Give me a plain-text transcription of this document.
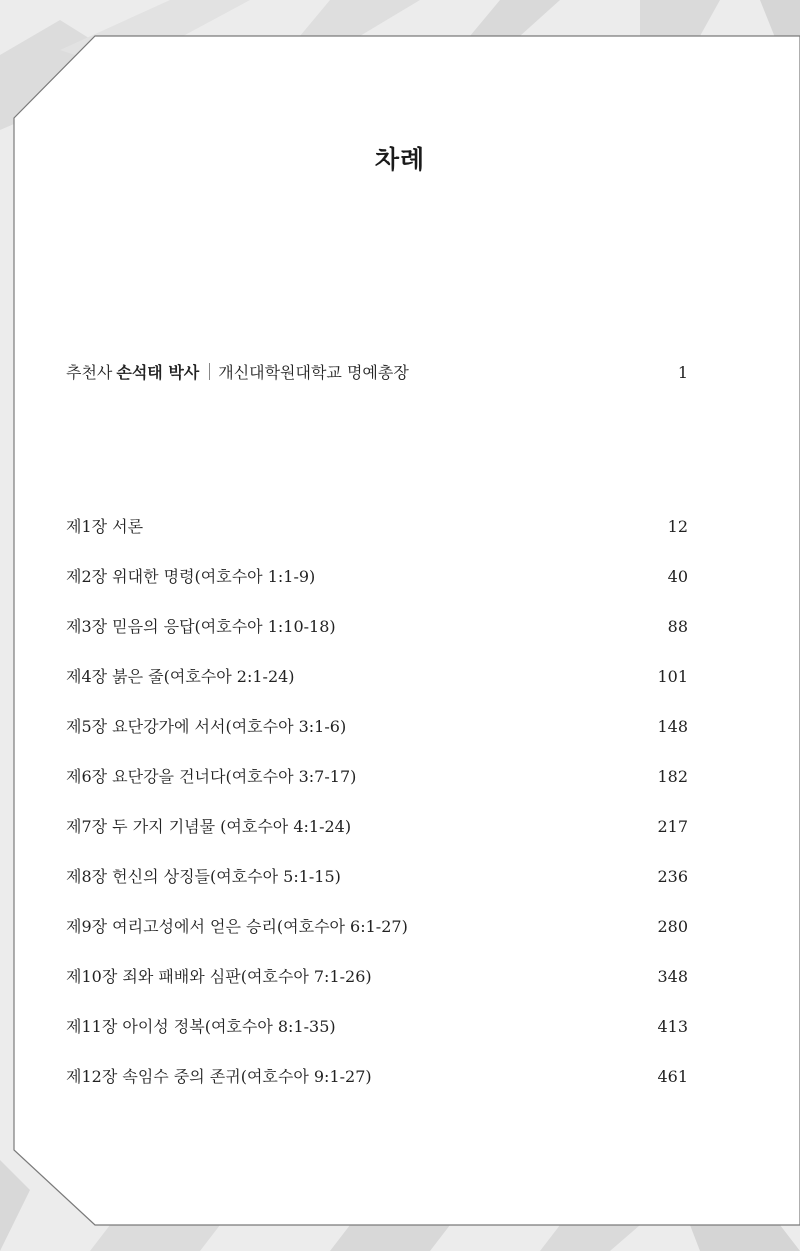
차례
추천사 손석태 박사 개신대학원대학교 명예총장	1
제1장 서론	12
제2장 위대한 명령(여호수아 1:1-9)	40
제3장 믿음의 응답(여호수아 1:10-18)	88
제4장 붉은 줄(여호수아 2:1-24)	101
제5장 요단강가에 서서(여호수아 3:1-6)	148
제6장 요단강을 건너다(여호수아 3:7-17)	182
제7장 두 가지 기념물 (여호수아 4:1-24)	217
제8장 헌신의 상징들(여호수아 5:1-15)	236
제9장 여리고성에서 얻은 승리(여호수아 6:1-27)	280
제10장 죄와 패배와 심판(여호수아 7:1-26)	348
제11장 아이성 정복(여호수아 8:1-35)	413
제12장 속임수 중의 존귀(여호수아 9:1-27)	461
